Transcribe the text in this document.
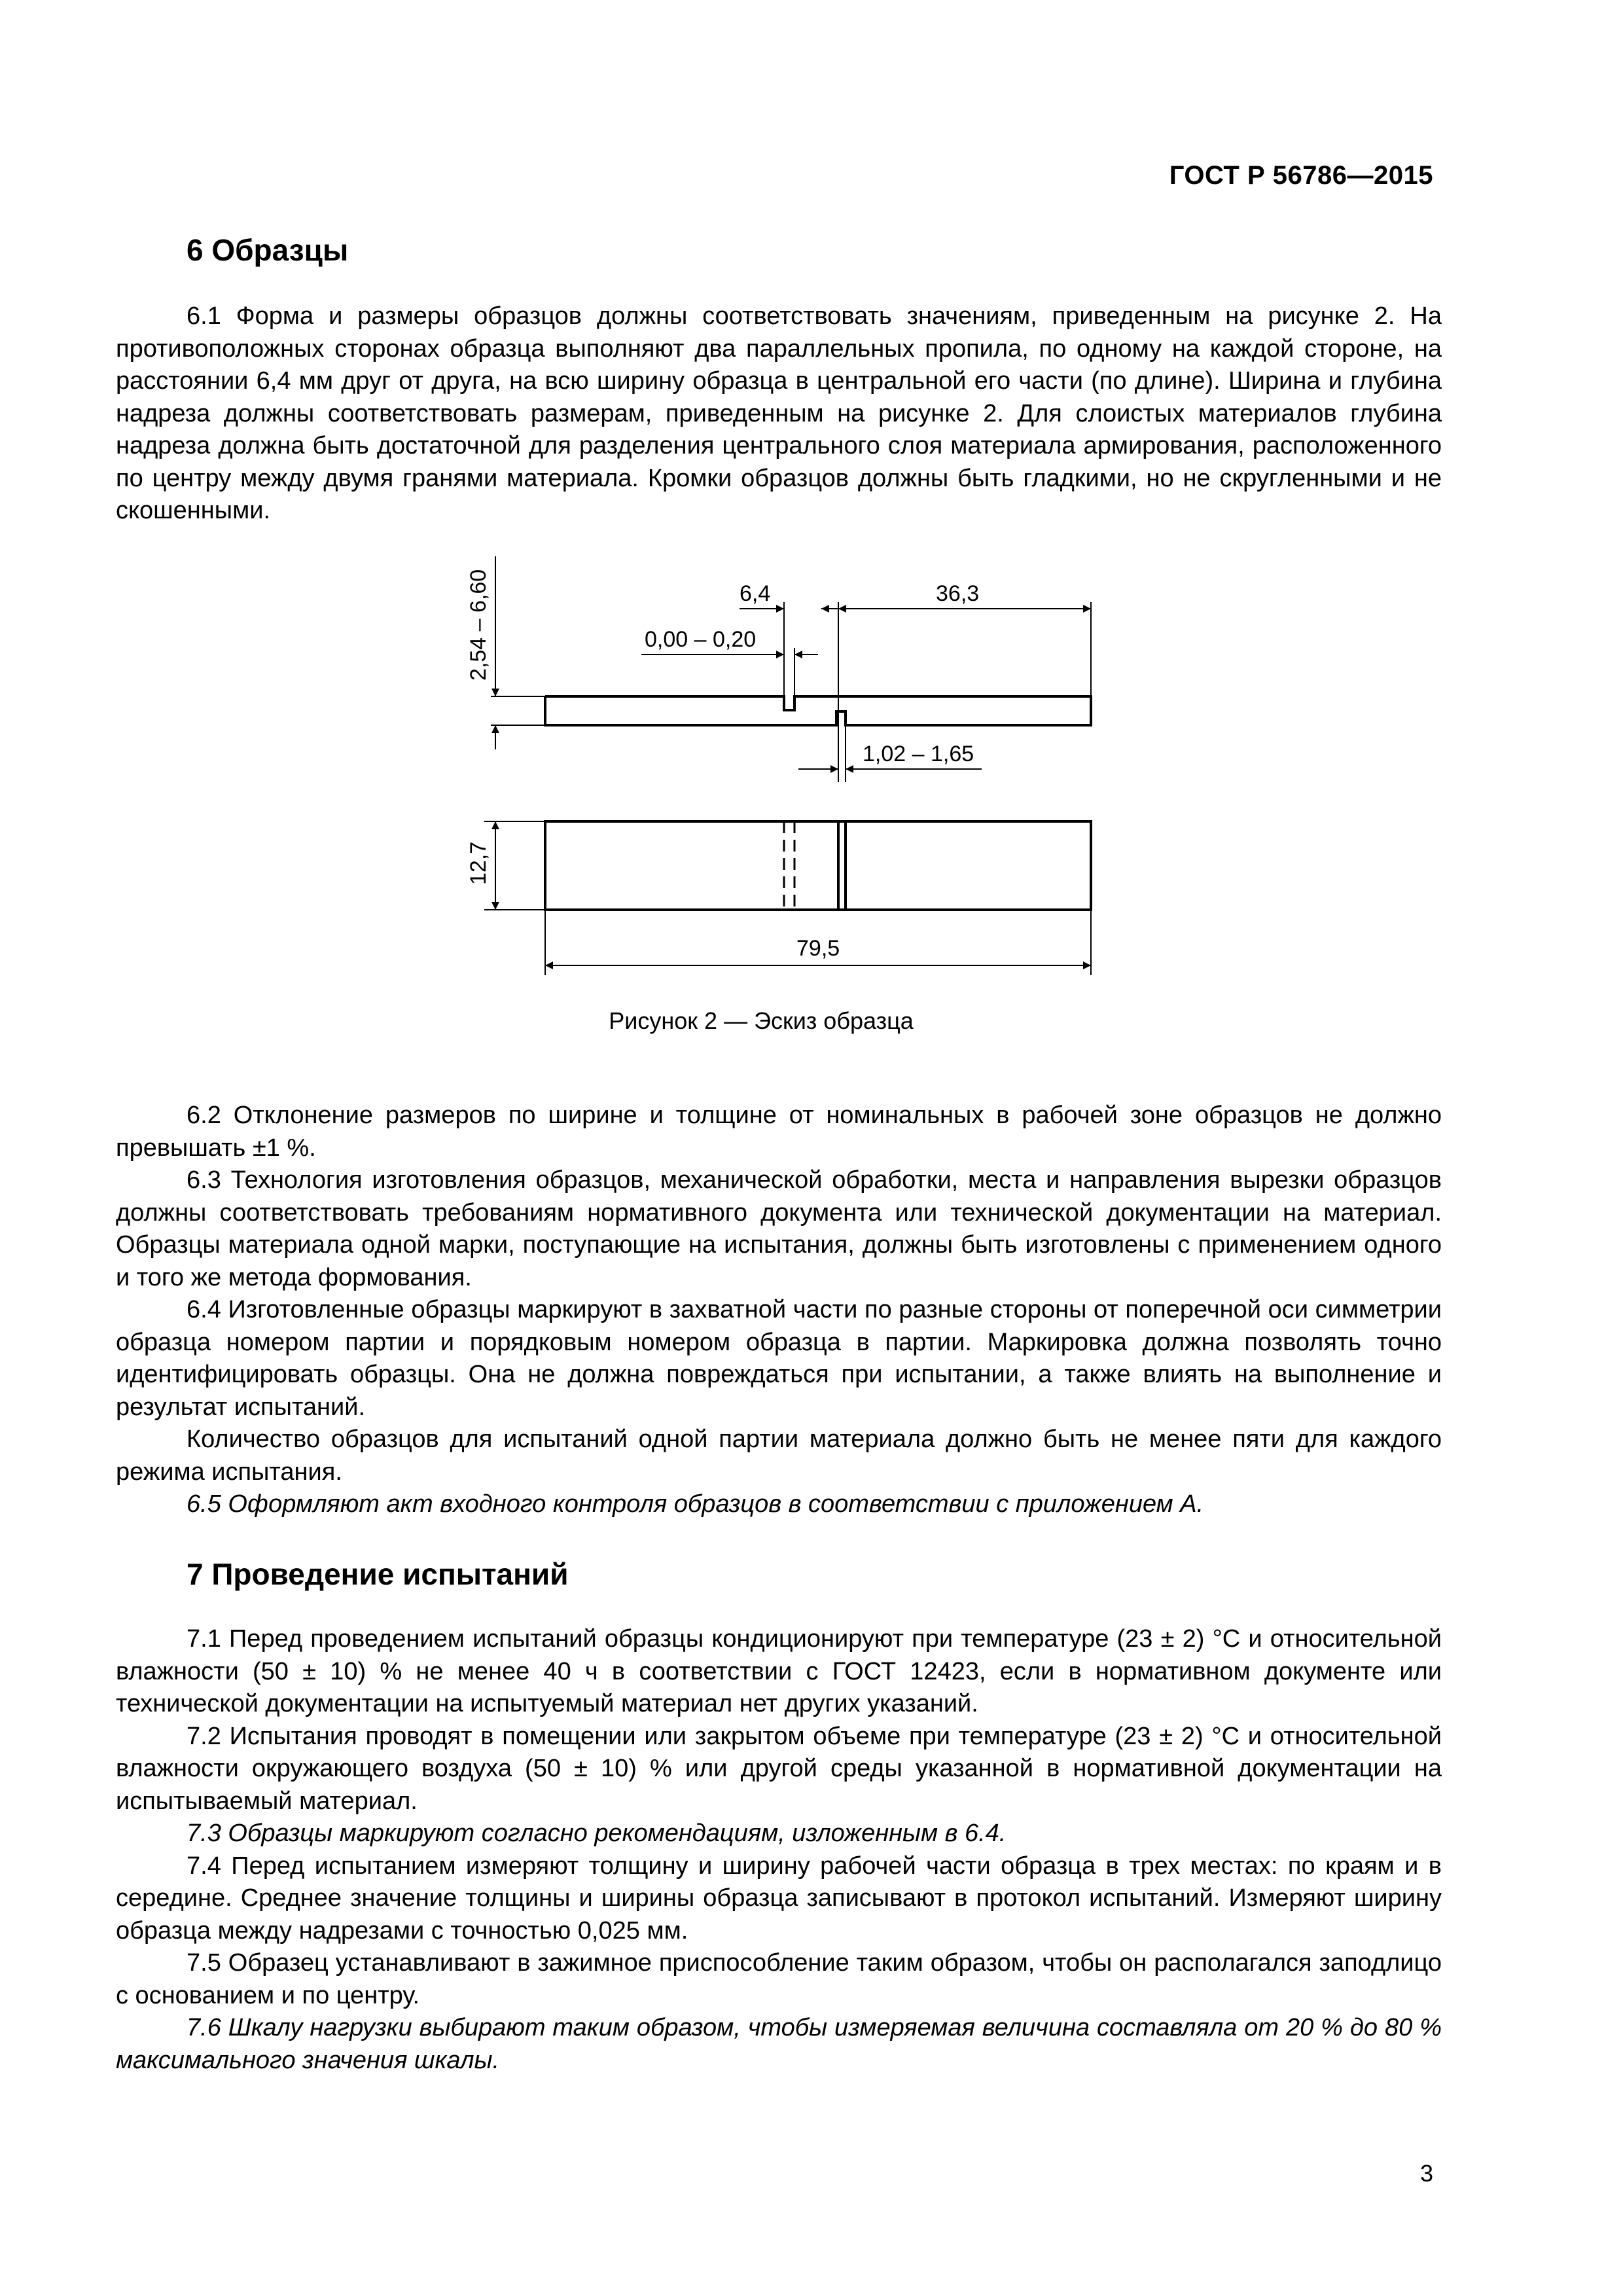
ГОСТ Р 56786—2015
6 Образцы

6.1 Форма и размеры образцов должны соответствовать значениям, приведенным на рисунке 2. На противоположных сторонах образца выполняют два параллельных пропила, по одному на каждой стороне, на расстоянии 6,4 мм друг от друга, на всю ширину образца в центральной его части (по длине). Ширина и глубина надреза должны соответствовать размерам, приведенным на рисунке 2. Для слоистых материалов глубина надреза должна быть достаточной для разделения центрального слоя материала армирования, расположенного по центру между двумя гранями материала. Кромки образцов должны быть гладкими, но не скругленными и не скошенными.

2,54 – 6,60	6,4	36,3
0,00 – 0,20
1,02 – 1,65
12,7
79,5
Рисунок 2 — Эскиз образца

6.2 Отклонение размеров по ширине и толщине от номинальных в рабочей зоне образцов не должно превышать ±1 %.

6.3 Технология изготовления образцов, механической обработки, места и направления вырезки образцов должны соответствовать требованиям нормативного документа или технической документации на материал. Образцы материала одной марки, поступающие на испытания, должны быть изготовлены с применением одного и того же метода формования.

6.4 Изготовленные образцы маркируют в захватной части по разные стороны от поперечной оси симметрии образца номером партии и порядковым номером образца в партии. Маркировка должна позволять точно идентифицировать образцы. Она не должна повреждаться при испытании, а также влиять на выполнение и результат испытаний.

Количество образцов для испытаний одной партии материала должно быть не менее пяти для каждого режима испытания.

6.5 Оформляют акт входного контроля образцов в соответствии с приложением А.

7 Проведение испытаний

7.1 Перед проведением испытаний образцы кондиционируют при температуре (23 ± 2) °С и относительной влажности (50 ± 10) % не менее 40 ч в соответствии с ГОСТ 12423, если в нормативном документе или технической документации на испытуемый материал нет других указаний.

7.2 Испытания проводят в помещении или закрытом объеме при температуре (23 ± 2) °С и относительной влажности окружающего воздуха (50 ± 10) % или другой среды указанной в нормативной документации на испытываемый материал.

7.3 Образцы маркируют согласно рекомендациям, изложенным в 6.4.

7.4 Перед испытанием измеряют толщину и ширину рабочей части образца в трех местах: по краям и в середине. Среднее значение толщины и ширины образца записывают в протокол испытаний. Измеряют ширину образца между надрезами с точностью 0,025 мм.

7.5 Образец устанавливают в зажимное приспособление таким образом, чтобы он располагался заподлицо с основанием и по центру.

7.6 Шкалу нагрузки выбирают таким образом, чтобы измеряемая величина составляла от 20 % до 80 % максимального значения шкалы.

3
